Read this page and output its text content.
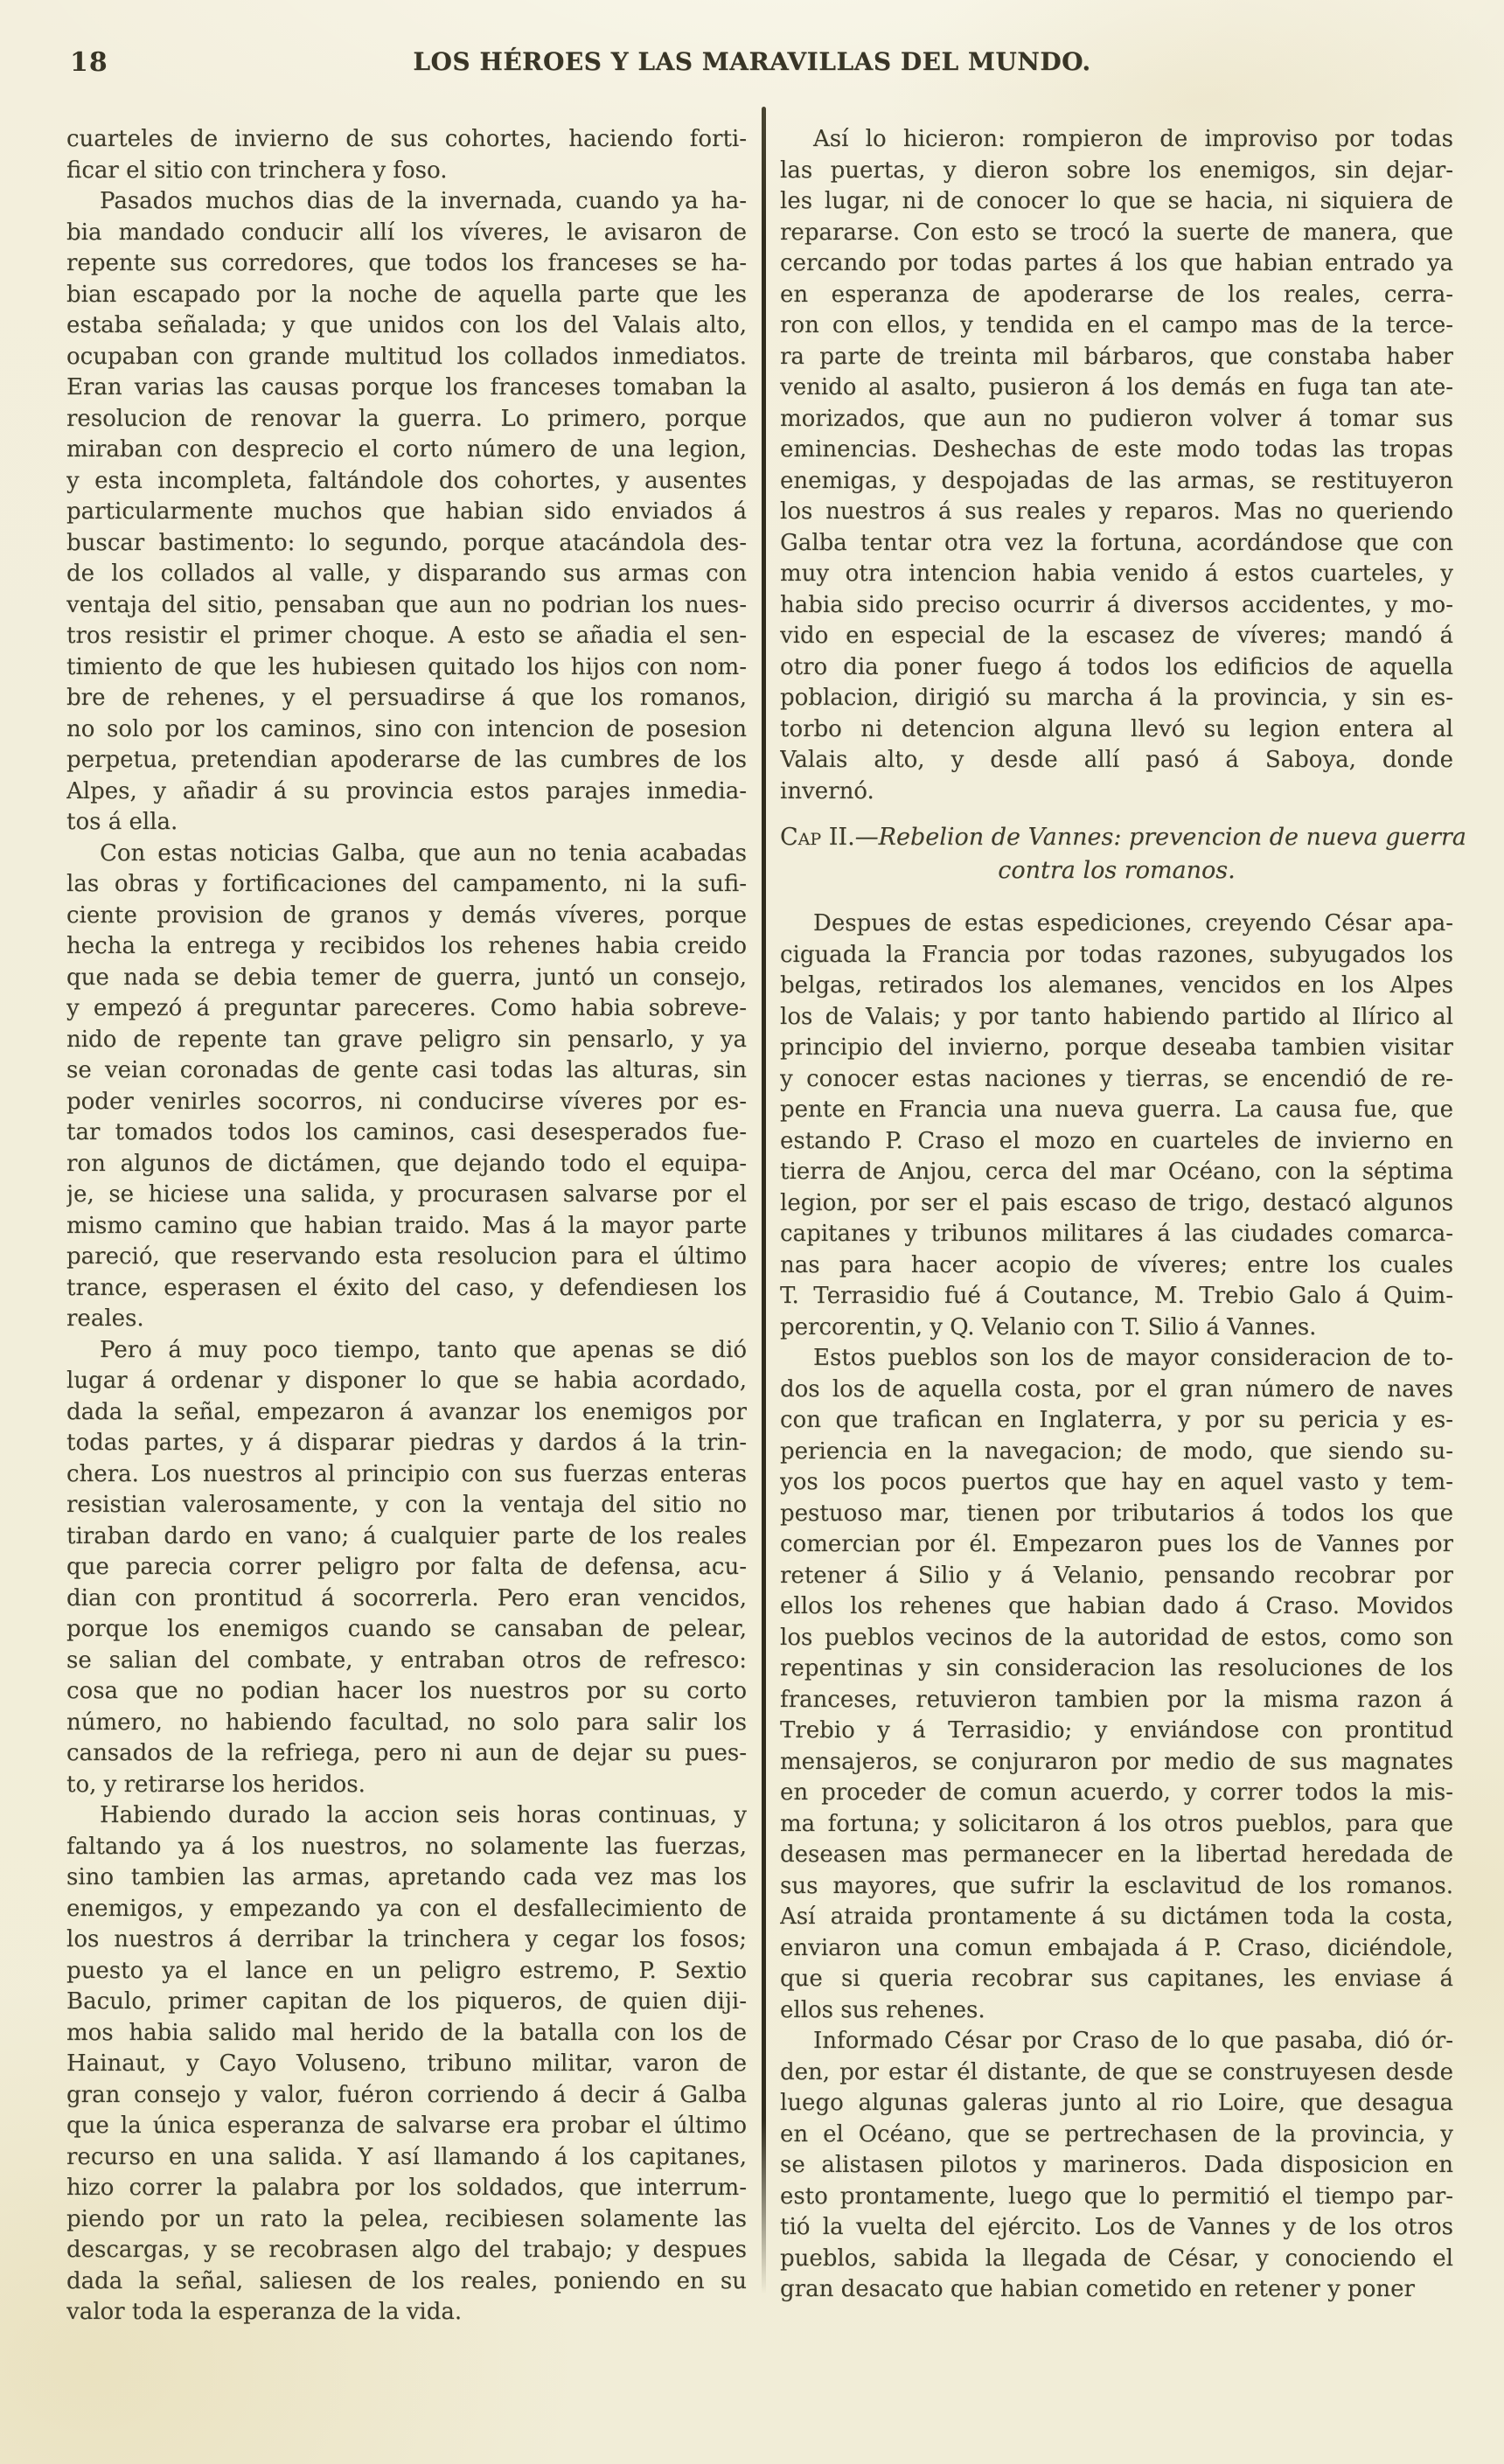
18	LOS HÉROES Y LAS MARAVILLAS DEL MUNDO.
cuarteles de invierno de sus cohortes, haciendo forti-
ficar el sitio con trinchera y foso.
Pasados muchos dias de la invernada, cuando ya ha-
bia mandado conducir allí los víveres, le avisaron de
repente sus corredores, que todos los franceses se ha-
bian escapado por la noche de aquella parte que les
estaba señalada; y que unidos con los del Valais alto,
ocupaban con grande multitud los collados inmediatos.
Eran varias las causas porque los franceses tomaban la
resolucion de renovar la guerra. Lo primero, porque
miraban con desprecio el corto número de una legion,
y esta incompleta, faltándole dos cohortes, y ausentes
particularmente muchos que habian sido enviados á
buscar bastimento: lo segundo, porque atacándola des-
de los collados al valle, y disparando sus armas con
ventaja del sitio, pensaban que aun no podrian los nues-
tros resistir el primer choque. A esto se añadia el sen-
timiento de que les hubiesen quitado los hijos con nom-
bre de rehenes, y el persuadirse á que los romanos,
no solo por los caminos, sino con intencion de posesion
perpetua, pretendian apoderarse de las cumbres de los
Alpes, y añadir á su provincia estos parajes inmedia-
tos á ella.
Con estas noticias Galba, que aun no tenia acabadas
las obras y fortificaciones del campamento, ni la sufi-
ciente provision de granos y demás víveres, porque
hecha la entrega y recibidos los rehenes habia creido
que nada se debia temer de guerra, juntó un consejo,
y empezó á preguntar pareceres. Como habia sobreve-
nido de repente tan grave peligro sin pensarlo, y ya
se veian coronadas de gente casi todas las alturas, sin
poder venirles socorros, ni conducirse víveres por es-
tar tomados todos los caminos, casi desesperados fue-
ron algunos de dictámen, que dejando todo el equipa-
je, se hiciese una salida, y procurasen salvarse por el
mismo camino que habian traido. Mas á la mayor parte
pareció, que reservando esta resolucion para el último
trance, esperasen el éxito del caso, y defendiesen los
reales.
Pero á muy poco tiempo, tanto que apenas se dió
lugar á ordenar y disponer lo que se habia acordado,
dada la señal, empezaron á avanzar los enemigos por
todas partes, y á disparar piedras y dardos á la trin-
chera. Los nuestros al principio con sus fuerzas enteras
resistian valerosamente, y con la ventaja del sitio no
tiraban dardo en vano; á cualquier parte de los reales
que parecia correr peligro por falta de defensa, acu-
dian con prontitud á socorrerla. Pero eran vencidos,
porque los enemigos cuando se cansaban de pelear,
se salian del combate, y entraban otros de refresco:
cosa que no podian hacer los nuestros por su corto
número, no habiendo facultad, no solo para salir los
cansados de la refriega, pero ni aun de dejar su pues-
to, y retirarse los heridos.
Habiendo durado la accion seis horas continuas, y
faltando ya á los nuestros, no solamente las fuerzas,
sino tambien las armas, apretando cada vez mas los
enemigos, y empezando ya con el desfallecimiento de
los nuestros á derribar la trinchera y cegar los fosos;
puesto ya el lance en un peligro estremo, P. Sextio
Baculo, primer capitan de los piqueros, de quien diji-
mos habia salido mal herido de la batalla con los de
Hainaut, y Cayo Voluseno, tribuno militar, varon de
gran consejo y valor, fuéron corriendo á decir á Galba
que la única esperanza de salvarse era probar el último
recurso en una salida. Y así llamando á los capitanes,
hizo correr la palabra por los soldados, que interrum-
piendo por un rato la pelea, recibiesen solamente las
descargas, y se recobrasen algo del trabajo; y despues
dada la señal, saliesen de los reales, poniendo en su
valor toda la esperanza de la vida.
Así lo hicieron: rompieron de improviso por todas
las puertas, y dieron sobre los enemigos, sin dejar-
les lugar, ni de conocer lo que se hacia, ni siquiera de
repararse. Con esto se trocó la suerte de manera, que
cercando por todas partes á los que habian entrado ya
en esperanza de apoderarse de los reales, cerra-
ron con ellos, y tendida en el campo mas de la terce-
ra parte de treinta mil bárbaros, que constaba haber
venido al asalto, pusieron á los demás en fuga tan ate-
morizados, que aun no pudieron volver á tomar sus
eminencias. Deshechas de este modo todas las tropas
enemigas, y despojadas de las armas, se restituyeron
los nuestros á sus reales y reparos. Mas no queriendo
Galba tentar otra vez la fortuna, acordándose que con
muy otra intencion habia venido á estos cuarteles, y
habia sido preciso ocurrir á diversos accidentes, y mo-
vido en especial de la escasez de víveres; mandó á
otro dia poner fuego á todos los edificios de aquella
poblacion, dirigió su marcha á la provincia, y sin es-
torbo ni detencion alguna llevó su legion entera al
Valais alto, y desde allí pasó á Saboya, donde
invernó.
Cap II.—Rebelion de Vannes: prevencion de nueva guerra
contra los romanos.
Despues de estas espediciones, creyendo César apa-
ciguada la Francia por todas razones, subyugados los
belgas, retirados los alemanes, vencidos en los Alpes
los de Valais; y por tanto habiendo partido al Ilírico al
principio del invierno, porque deseaba tambien visitar
y conocer estas naciones y tierras, se encendió de re-
pente en Francia una nueva guerra. La causa fue, que
estando P. Craso el mozo en cuarteles de invierno en
tierra de Anjou, cerca del mar Océano, con la séptima
legion, por ser el pais escaso de trigo, destacó algunos
capitanes y tribunos militares á las ciudades comarca-
nas para hacer acopio de víveres; entre los cuales
T. Terrasidio fué á Coutance, M. Trebio Galo á Quim-
percorentin, y Q. Velanio con T. Silio á Vannes.
Estos pueblos son los de mayor consideracion de to-
dos los de aquella costa, por el gran número de naves
con que trafican en Inglaterra, y por su pericia y es-
periencia en la navegacion; de modo, que siendo su-
yos los pocos puertos que hay en aquel vasto y tem-
pestuoso mar, tienen por tributarios á todos los que
comercian por él. Empezaron pues los de Vannes por
retener á Silio y á Velanio, pensando recobrar por
ellos los rehenes que habian dado á Craso. Movidos
los pueblos vecinos de la autoridad de estos, como son
repentinas y sin consideracion las resoluciones de los
franceses, retuvieron tambien por la misma razon á
Trebio y á Terrasidio; y enviándose con prontitud
mensajeros, se conjuraron por medio de sus magnates
en proceder de comun acuerdo, y correr todos la mis-
ma fortuna; y solicitaron á los otros pueblos, para que
deseasen mas permanecer en la libertad heredada de
sus mayores, que sufrir la esclavitud de los romanos.
Así atraida prontamente á su dictámen toda la costa,
enviaron una comun embajada á P. Craso, diciéndole,
que si queria recobrar sus capitanes, les enviase á
ellos sus rehenes.
Informado César por Craso de lo que pasaba, dió ór-
den, por estar él distante, de que se construyesen desde
luego algunas galeras junto al rio Loire, que desagua
en el Océano, que se pertrechasen de la provincia, y
se alistasen pilotos y marineros. Dada disposicion en
esto prontamente, luego que lo permitió el tiempo par-
tió la vuelta del ejército. Los de Vannes y de los otros
pueblos, sabida la llegada de César, y conociendo el
gran desacato que habian cometido en retener y poner
